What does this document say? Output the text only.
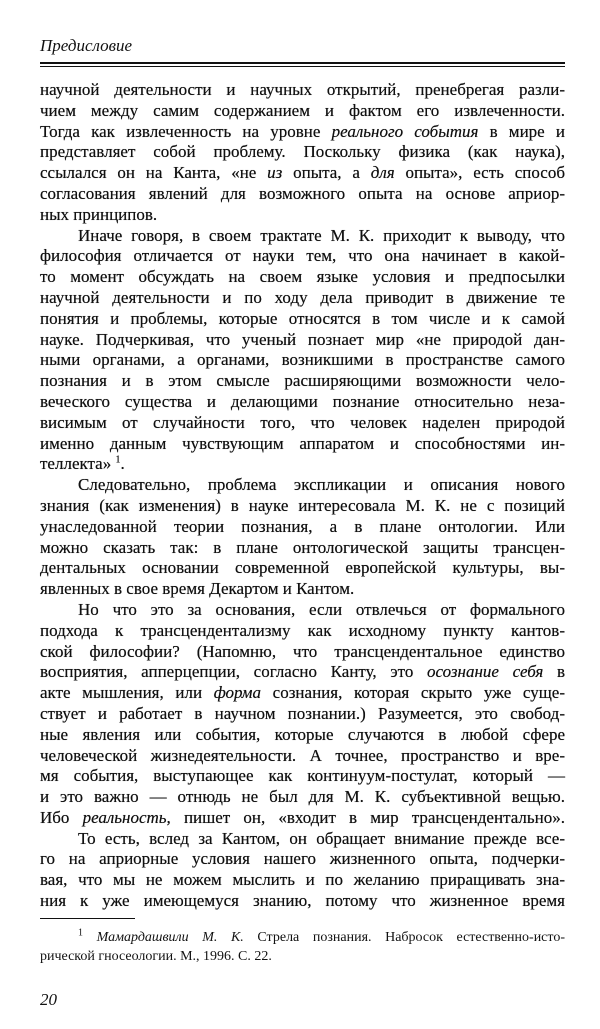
Предисловие
научной деятельности и научных открытий, пренебрегая разли-
чием между самим содержанием и фактом его извлеченности.
Тогда как извлеченность на уровне реального события в мире и
представляет собой проблему. Поскольку физика (как наука),
ссылался он на Канта, «не из опыта, а для опыта», есть способ
согласования явлений для возможного опыта на основе априор-
ных принципов.
Иначе говоря, в своем трактате М. К. приходит к выводу, что
философия отличается от науки тем, что она начинает в какой-
то момент обсуждать на своем языке условия и предпосылки
научной деятельности и по ходу дела приводит в движение те
понятия и проблемы, которые относятся в том числе и к самой
науке. Подчеркивая, что ученый познает мир «не природой дан-
ными органами, а органами, возникшими в пространстве самого
познания и в этом смысле расширяющими возможности чело-
веческого существа и делающими познание относительно неза-
висимым от случайности того, что человек наделен природой
именно данным чувствующим аппаратом и способностями ин-
теллекта» $^1$.
Следовательно, проблема экспликации и описания нового
знания (как изменения) в науке интересовала М. К. не с позиций
унаследованной теории познания, а в плане онтологии. Или
можно сказать так: в плане онтологической защиты трансцен-
дентальных основании современной европейской культуры, вы-
явленных в свое время Декартом и Кантом.
Но что это за основания, если отвлечься от формального
подхода к трансцендентализму как исходному пункту кантов-
ской философии? (Напомню, что трансцендентальное единство
восприятия, апперцепции, согласно Канту, это осознание себя в
акте мышления, или форма сознания, которая скрыто уже суще-
ствует и работает в научном познании.) Разумеется, это свобод-
ные явления или события, которые случаются в любой сфере
человеческой жизнедеятельности. А точнее, пространство и вре-
мя события, выступающее как континуум-постулат, который —
и это важно — отнюдь не был для М. К. субъективной вещью.
Ибо реальность, пишет он, «входит в мир трансцендентально».
То есть, вслед за Кантом, он обращает внимание прежде все-
го на априорные условия нашего жизненного опыта, подчерки-
вая, что мы не можем мыслить и по желанию приращивать зна-
ния к уже имеющемуся знанию, потому что жизненное время
$^1$ Мамардашвили М. К. Стрела познания. Набросок естественно-исто-
рической гносеологии. М., 1996. С. 22.
20
